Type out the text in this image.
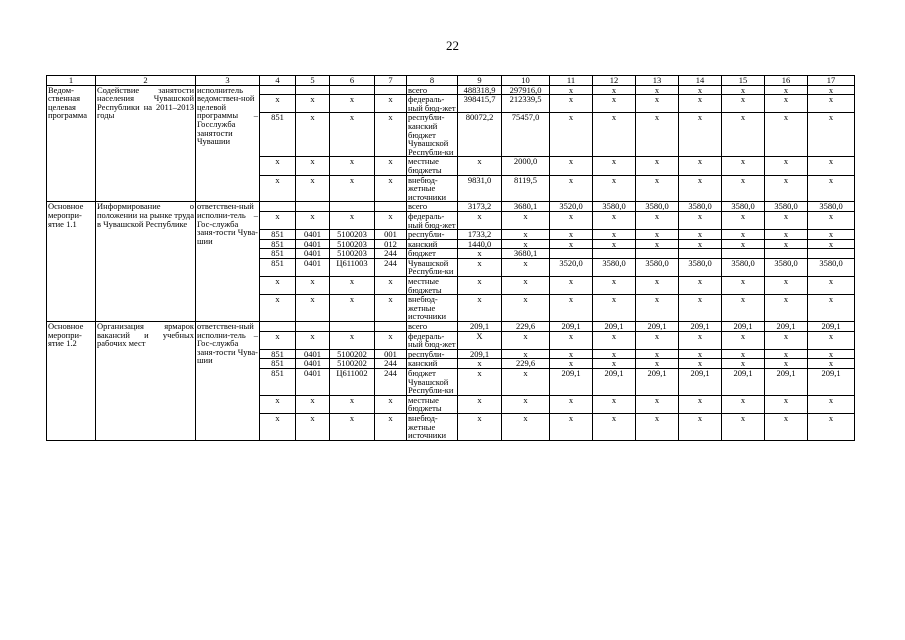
22
1	2	3	4	5	6	7	8	9	10	11	12	13	14	15	16	17
Ведом-ственная целевая программа	Содействие занятости населения Чувашской Республики на 2011–2013 годы	исполнитель ведомствен-ной целевой программы – Госслужба занятости Чувашии					всего	488318,9	297916,0	x	x	x	x	x	x	x
			x	x	x	x	федераль-ный бюд-жет	398415,7	212339,5	x	x	x	x	x	x	x
			851	x	x	x	республи-канский бюджет Чувашской Республи-ки	80072,2	75457,0	x	x	x	x	x	x	x
			x	x	x	x	местные бюджеты	x	2000,0	x	x	x	x	x	x	x
			x	x	x	x	внебюд-жетные источники	9831,0	8119,5	x	x	x	x	x	x	x
Основное меропри-ятие 1.1	Информирование о положении на рынке труда в Чувашской Республике	ответствен-ный исполни-тель – Гос-служба заня-тости Чува-шии					всего	3173,2	3680,1	3520,0	3580,0	3580,0	3580,0	3580,0	3580,0	3580,0
			x	x	x	x	федераль-ный бюд-жет	x	x	x	x	x	x	x	x	x
			851	0401	5100203	001	республи-	1733,2	x	x	x	x	x	x	x	x
			851	0401	5100203	012	канский	1440,0	x	x	x	x	x	x	x	x
			851	0401	5100203	244	бюджет	x	3680,1							
			851	0401	Ц611003	244	Чувашской Республи-ки	x	x	3520,0	3580,0	3580,0	3580,0	3580,0	3580,0	3580,0
			x	x	x	x	местные бюджеты	x	x	x	x	x	x	x	x	x
			x	x	x	x	внебюд-жетные источники	x	x	x	x	x	x	x	x	x
Основное меропри-ятие 1.2	Организация ярмарок вакансий и учебных рабочих мест	ответствен-ный исполни-тель – Гос-служба заня-тости Чува-шии					всего	209,1	229,6	209,1	209,1	209,1	209,1	209,1	209,1	209,1
			x	x	x	x	федераль-ный бюд-жет	X	x	x	x	x	x	x	x	x
			851	0401	5100202	001	республи-	209,1	x	x	x	x	x	x	x	x
			851	0401	5100202	244	канский	x	229,6	x	x	x	x	x	x	x
			851	0401	Ц611002	244	бюджет Чувашской Республи-ки	x	x	209,1	209,1	209,1	209,1	209,1	209,1	209,1
			x	x	x	x	местные бюджеты	x	x	x	x	x	x	x	x	x
			x	x	x	x	внебюд-жетные источники	x	x	x	x	x	x	x	x	x
